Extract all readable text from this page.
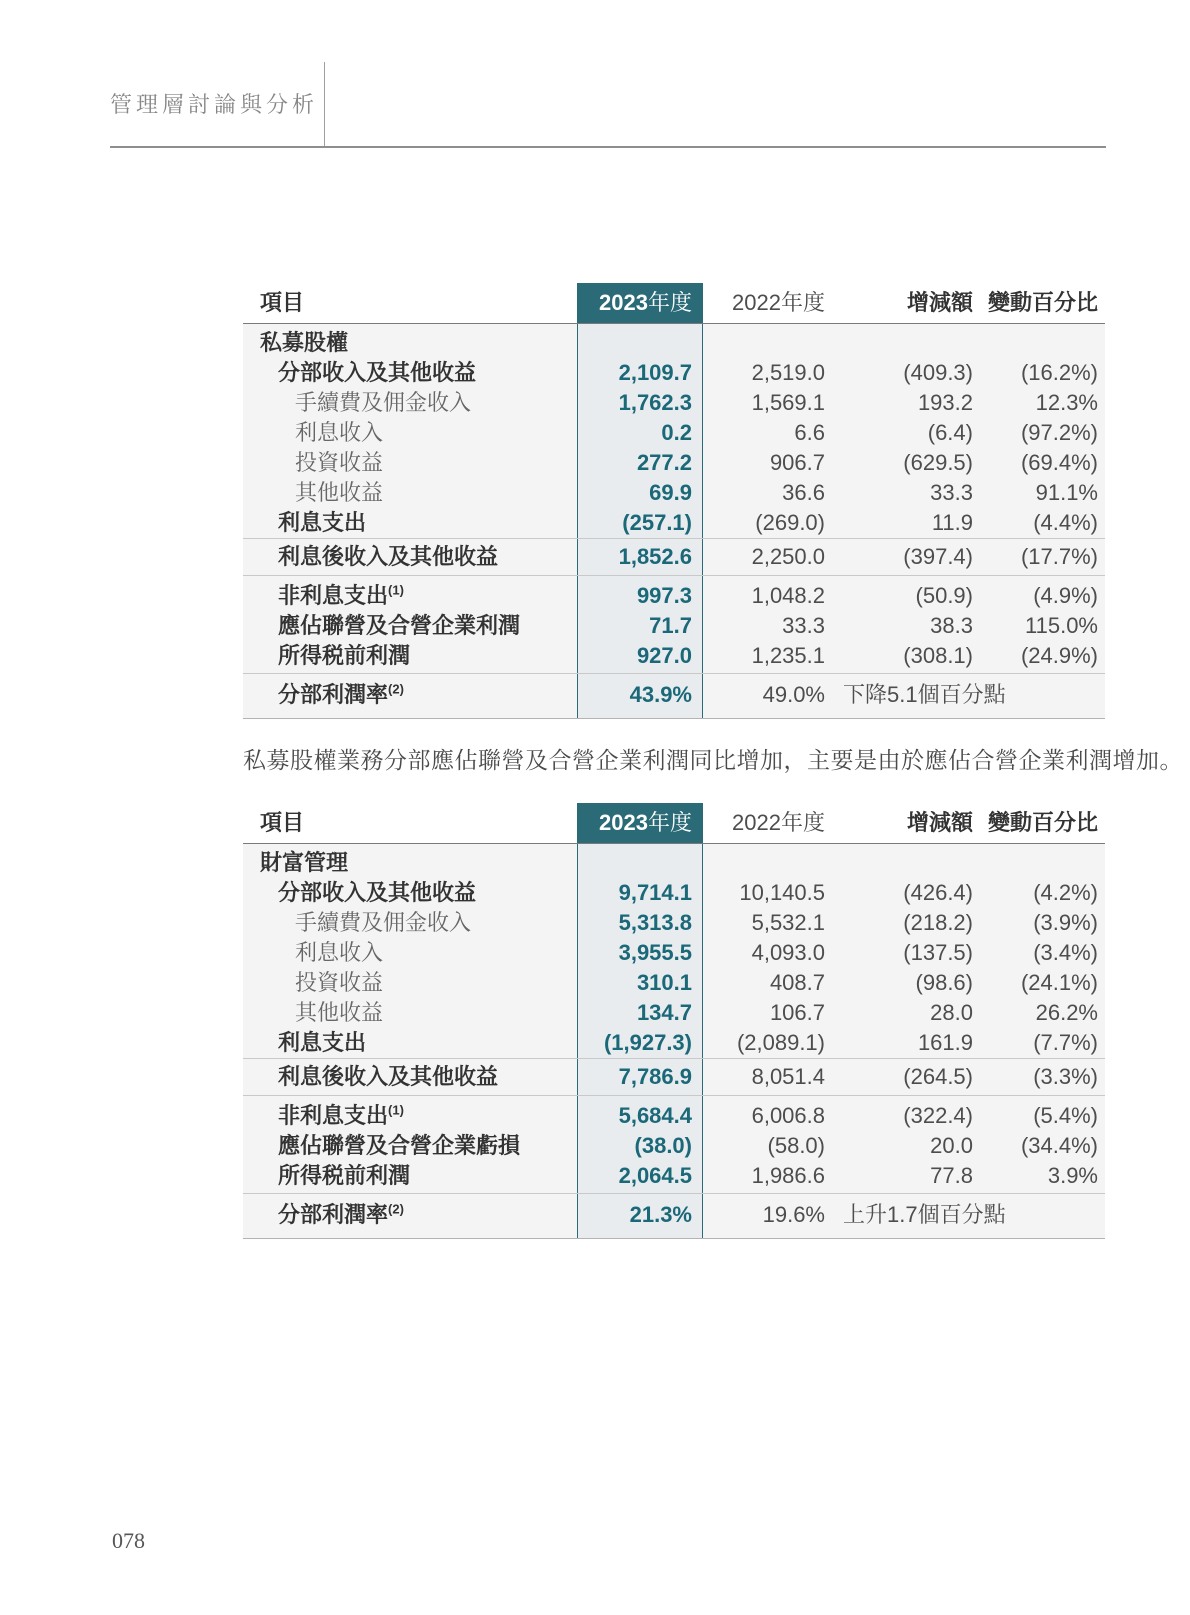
管理層討論與分析
項目	2023年度	2022年度	增減額 變動百分比
私募股權
分部收入及其他收益	2,109.7	2,519.0	(409.3)	(16.2%)
手續費及佣金收入	1,762.3	1,569.1	193.2	12.3%
利息收入	0.2	6.6	(6.4)	(97.2%)
投資收益	277.2	906.7	(629.5)	(69.4%)
其他收益	69.9	36.6	33.3	91.1%
利息支出	(257.1)	(269.0)	11.9	(4.4%)
利息後收入及其他收益	1,852.6	2,250.0	(397.4)	(17.7%)
非利息支出$^{(1)}$	997.3	1,048.2	(50.9)	(4.9%)
應佔聯營及合營企業利潤	71.7	33.3	38.3	115.0%
所得税前利潤	927.0	1,235.1	(308.1)	(24.9%)
分部利潤率$^{(2)}$	43.9%	49.0% 下降5.1個百分點

私募股權業務分部應佔聯營及合營企業利潤同比增加，主要是由於應佔合營企業利潤增加。

項目	2023年度	2022年度	增減額 變動百分比
財富管理
分部收入及其他收益	9,714.1	10,140.5	(426.4)	(4.2%)
手續費及佣金收入	5,313.8	5,532.1	(218.2)	(3.9%)
利息收入	3,955.5	4,093.0	(137.5)	(3.4%)
投資收益	310.1	408.7	(98.6)	(24.1%)
其他收益	134.7	106.7	28.0	26.2%
利息支出	(1,927.3)	(2,089.1)	161.9	(7.7%)
利息後收入及其他收益	7,786.9	8,051.4	(264.5)	(3.3%)
非利息支出$^{(1)}$	5,684.4	6,006.8	(322.4)	(5.4%)
應佔聯營及合營企業虧損	(38.0)	(58.0)	20.0	(34.4%)
所得税前利潤	2,064.5	1,986.6	77.8	3.9%
分部利潤率$^{(2)}$	21.3%	19.6% 上升1.7個百分點
078
